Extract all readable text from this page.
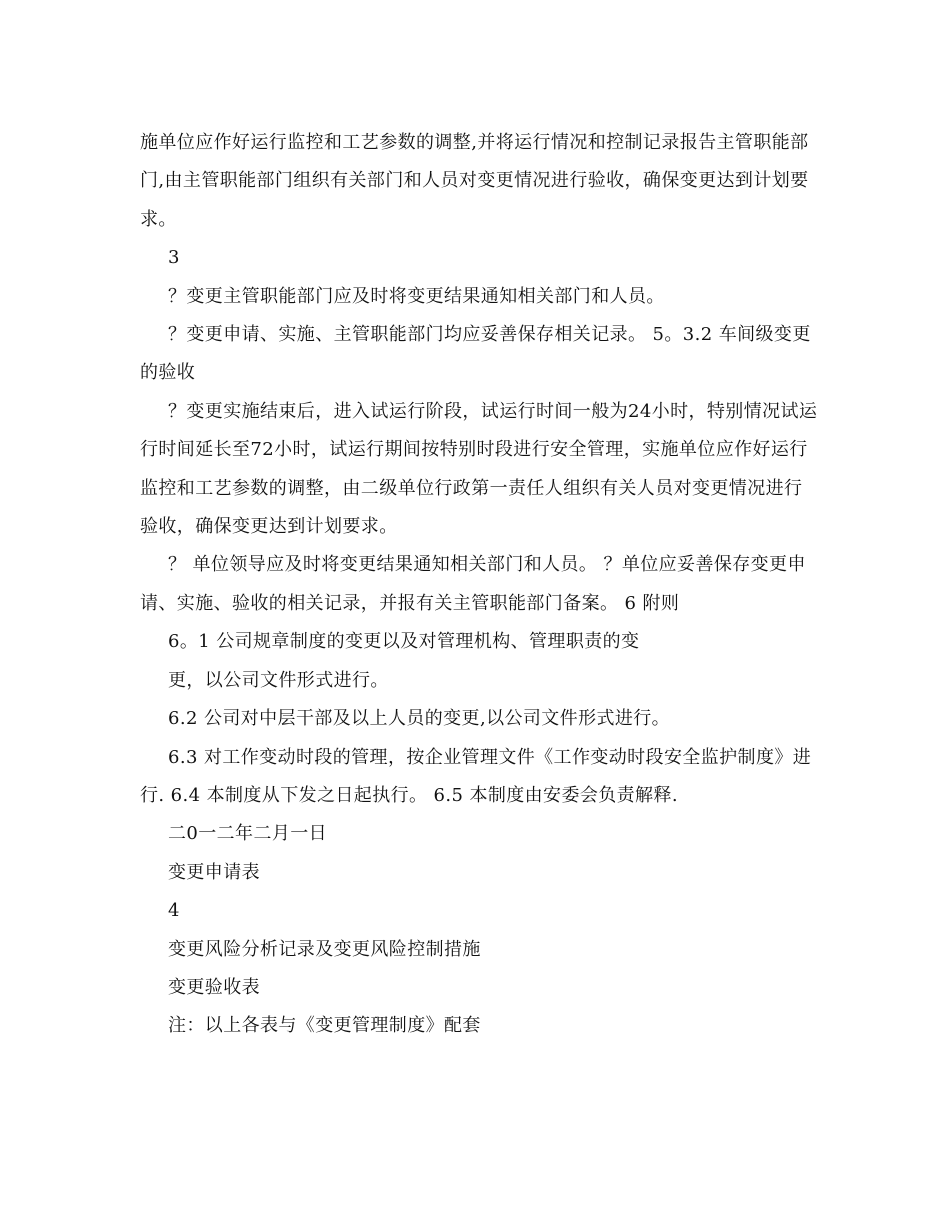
施单位应作好运行监控和工艺参数的调整,并将运行情况和控制记录报告主管职能部门,由主管职能部门组织有关部门和人员对变更情况进行验收，确保变更达到计划要求。

3

？变更主管职能部门应及时将变更结果通知相关部门和人员。

？变更申请、实施、主管职能部门均应妥善保存相关记录。 5。3.2 车间级变更的验收

？变更实施结束后，进入试运行阶段，试运行时间一般为24小时，特别情况试运行时间延长至72小时，试运行期间按特别时段进行安全管理，实施单位应作好运行监控和工艺参数的调整，由二级单位行政第一责任人组织有关人员对变更情况进行验收，确保变更达到计划要求。

？ 单位领导应及时将变更结果通知相关部门和人员。 ？单位应妥善保存变更申请、实施、验收的相关记录，并报有关主管职能部门备案。 6 附则

6。1 公司规章制度的变更以及对管理机构、管理职责的变

更，以公司文件形式进行。

6.2 公司对中层干部及以上人员的变更,以公司文件形式进行。

6.3 对工作变动时段的管理，按企业管理文件《工作变动时段安全监护制度》进行. 6.4 本制度从下发之日起执行。 6.5 本制度由安委会负责解释.

二0一二年二月一日

变更申请表

4

变更风险分析记录及变更风险控制措施

变更验收表

注：以上各表与《变更管理制度》配套
